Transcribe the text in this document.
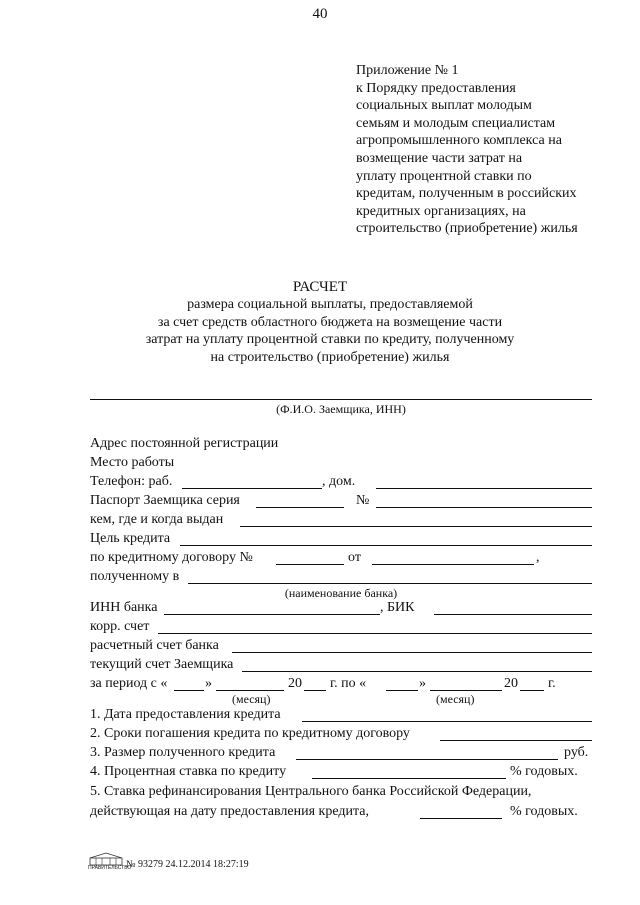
40
Приложение № 1
к Порядку предоставления
социальных выплат молодым
семьям и молодым специалистам
агропромышленного комплекса на
возмещение части затрат на
уплату процентной ставки по
кредитам, полученным в российских
кредитных организациях, на
строительство (приобретение) жилья
РАСЧЕТ
размера социальной выплаты, предоставляемой
за счет средств областного бюджета на возмещение части
затрат на уплату процентной ставки по кредиту, полученному
на строительство (приобретение) жилья
(Ф.И.О. Заемщика, ИНН)
Адрес постоянной регистрации
Место работы
Телефон: раб.	, дом.
Паспорт Заемщика серия	№
кем, где и когда выдан
Цель кредита
по кредитному договору №	от	,
полученному в
(наименование банка)
ИНН банка	, БИК
корр. счет
расчетный счет банка
текущий счет Заемщика
за период с «	»	20 г. по «	»	20 г.
(месяц)	(месяц)
1. Дата предоставления кредита
2. Сроки погашения кредита по кредитному договору
3. Размер полученного кредита	руб.
4. Процентная ставка по кредиту	% годовых.
5. Ставка рефинансирования Центрального банка Российской Федерации,
действующая на дату предоставления кредита,	% годовых.
ПРАВИТЕЛЬСТВО
№ 93279 24.12.2014 18:27:19
